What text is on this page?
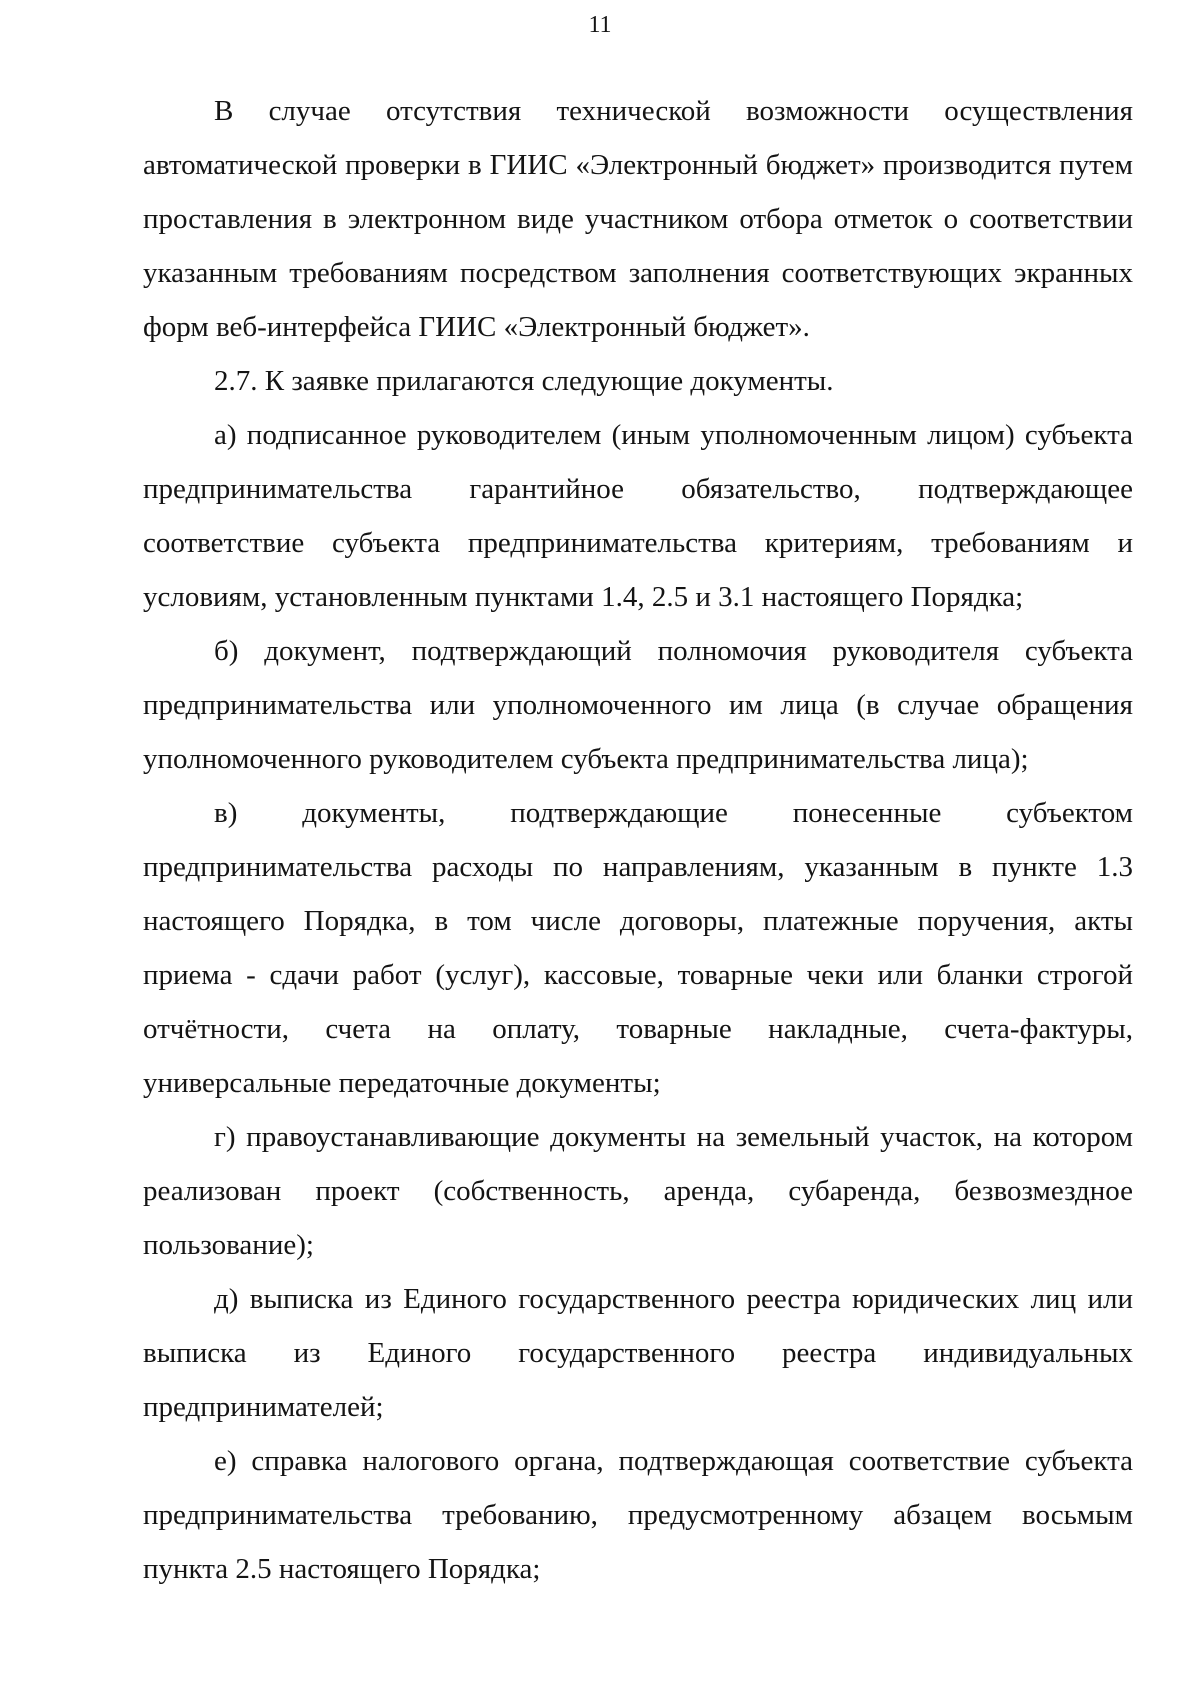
11

В случае отсутствия технической возможности осуществления автоматической проверки в ГИИС «Электронный бюджет» производится путем проставления в электронном виде участником отбора отметок о соответствии указанным требованиям посредством заполнения соответствующих экранных форм веб-интерфейса ГИИС «Электронный бюджет».

2.7. К заявке прилагаются следующие документы.

а) подписанное руководителем (иным уполномоченным лицом) субъекта предпринимательства гарантийное обязательство, подтверждающее соответствие субъекта предпринимательства критериям, требованиям и условиям, установленным пунктами 1.4, 2.5 и 3.1 настоящего Порядка;

б) документ, подтверждающий полномочия руководителя субъекта предпринимательства или уполномоченного им лица (в случае обращения уполномоченного руководителем субъекта предпринимательства лица);

в) документы, подтверждающие понесенные субъектом предпринимательства расходы по направлениям, указанным в пункте 1.3 настоящего Порядка, в том числе договоры, платежные поручения, акты приема - сдачи работ (услуг), кассовые, товарные чеки или бланки строгой отчётности, счета на оплату, товарные накладные, счета-фактуры, универсальные передаточные документы;

г) правоустанавливающие документы на земельный участок, на котором реализован проект (собственность, аренда, субаренда, безвозмездное пользование);

д) выписка из Единого государственного реестра юридических лиц или выписка из Единого государственного реестра индивидуальных предпринимателей;

е) справка налогового органа, подтверждающая соответствие субъекта предпринимательства требованию, предусмотренному абзацем восьмым пункта 2.5 настоящего Порядка;
